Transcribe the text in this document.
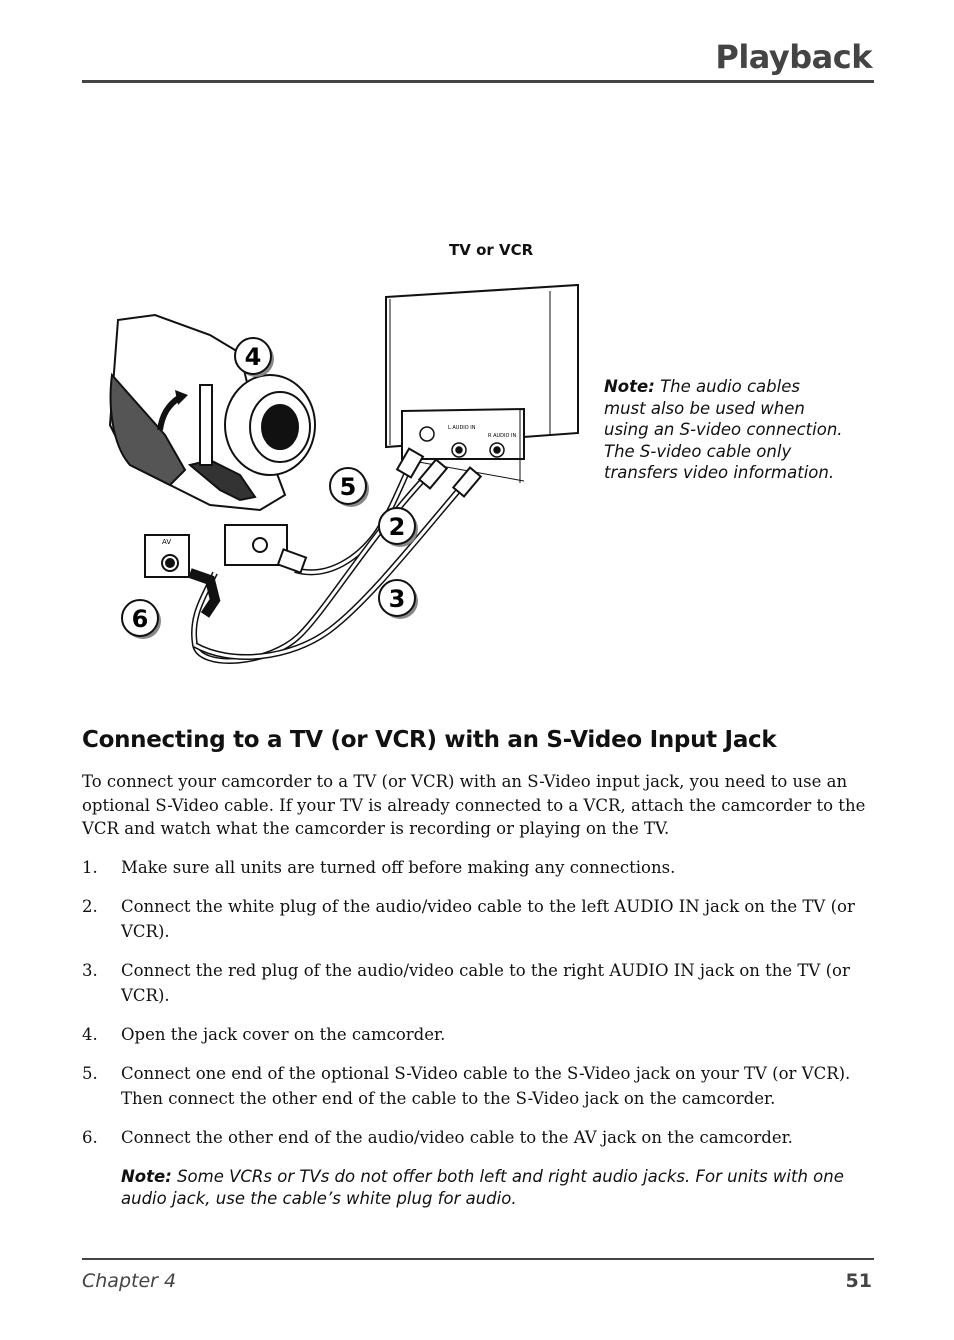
Playback
TV or VCR
L AUDIO IN
R AUDIO IN
AV
4
5
2
3
6
Note: The audio cables must also be used when using an S-video connection. The S-video cable only transfers video information.
Connecting to a TV (or VCR) with an S-Video Input Jack

To connect your camcorder to a TV (or VCR) with an S-Video input jack, you need to use an optional S-Video cable. If your TV is already connected to a VCR, attach the camcorder to the VCR and watch what the camcorder is recording or playing on the TV.

1. Make sure all units are turned off before making any connections.
2. Connect the white plug of the audio/video cable to the left AUDIO IN jack on the TV (or VCR).
3. Connect the red plug of the audio/video cable to the right AUDIO IN jack on the TV (or VCR).
4. Open the jack cover on the camcorder.
5. Connect one end of the optional S-Video cable to the S-Video jack on your TV (or VCR). Then connect the other end of the cable to the S-Video jack on the camcorder.
6. Connect the other end of the audio/video cable to the AV jack on the camcorder.
Note: Some VCRs or TVs do not offer both left and right audio jacks. For units with one audio jack, use the cable’s white plug for audio.
Chapter 4	51
